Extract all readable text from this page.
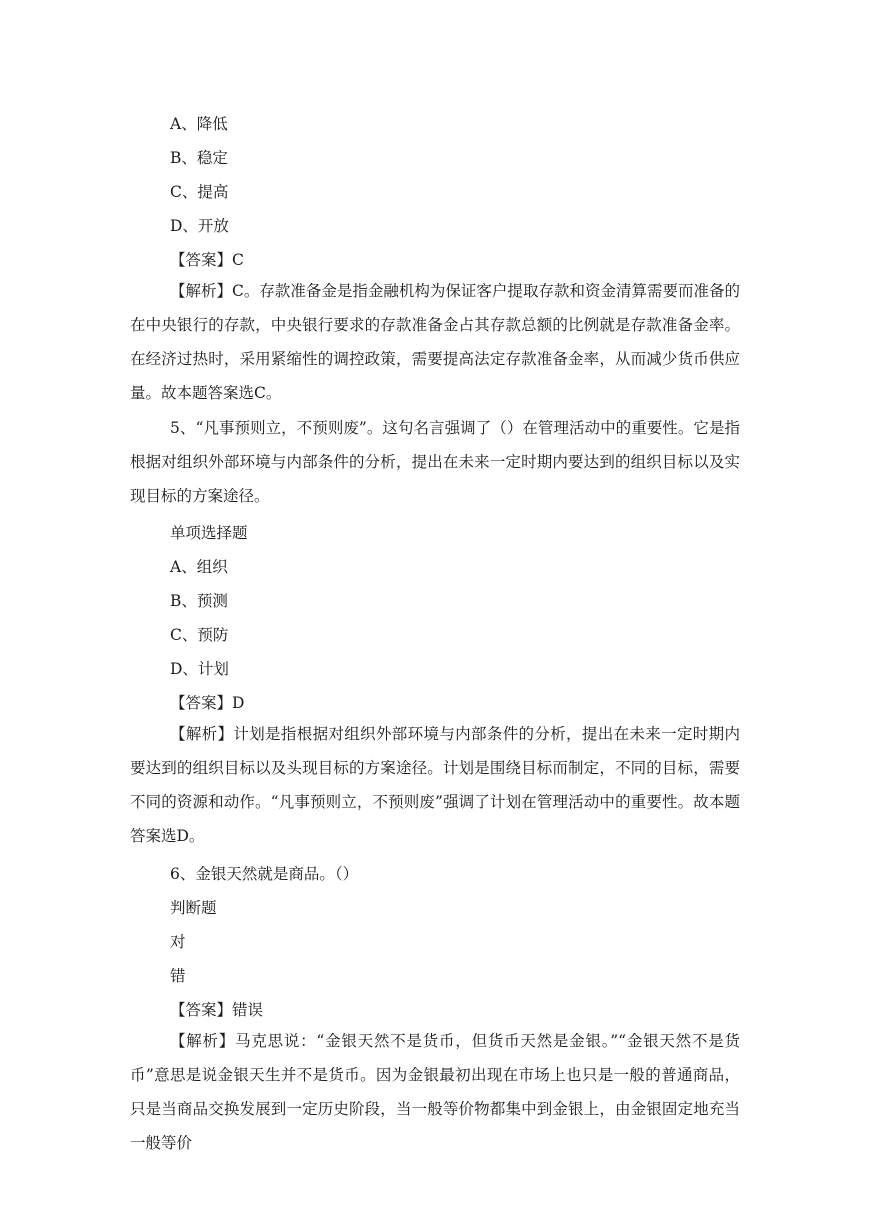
A、降低
B、稳定
C、提高
D、开放
【答案】C
【解析】C。存款准备金是指金融机构为保证客户提取存款和资金清算需要而准备的在中央银行的存款，中央银行要求的存款准备金占其存款总额的比例就是存款准备金率。在经济过热时，采用紧缩性的调控政策，需要提高法定存款准备金率，从而减少货币供应量。故本题答案选C。
5、“凡事预则立，不预则废”。这句名言强调了（）在管理活动中的重要性。它是指根据对组织外部环境与内部条件的分析，提出在未来一定时期内要达到的组织目标以及实现目标的方案途径。
单项选择题
A、组织
B、预测
C、预防
D、计划
【答案】D
【解析】计划是指根据对组织外部环境与内部条件的分析，提出在未来一定时期内要达到的组织目标以及头现目标的方案途径。计划是围绕目标而制定，不同的目标，需要不同的资源和动作。“凡事预则立，不预则废”强调了计划在管理活动中的重要性。故本题答案选D。
6、金银天然就是商品。（）
判断题
对
错
【答案】错误
【解析】马克思说：“金银天然不是货币，但货币天然是金银。”“金银天然不是货币”意思是说金银天生并不是货币。因为金银最初出现在市场上也只是一般的普通商品，只是当商品交换发展到一定历史阶段，当一般等价物都集中到金银上，由金银固定地充当一般等价
